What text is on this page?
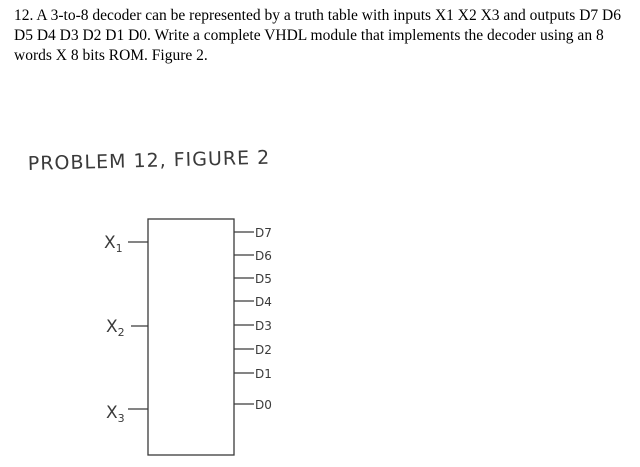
12. A 3-to-8 decoder can be represented by a truth table with inputs X1 X2 X3 and outputs D7 D6 D5 D4 D3 D2 D1 D0. Write a complete VHDL module that implements the decoder using an 8 words X 8 bits ROM. Figure 2.

PROBLEM 12, FIGURE 2
$X_1$
$X_2$
$X_3$
D7
D6
D5
D4
D3
D2
D1
D0
